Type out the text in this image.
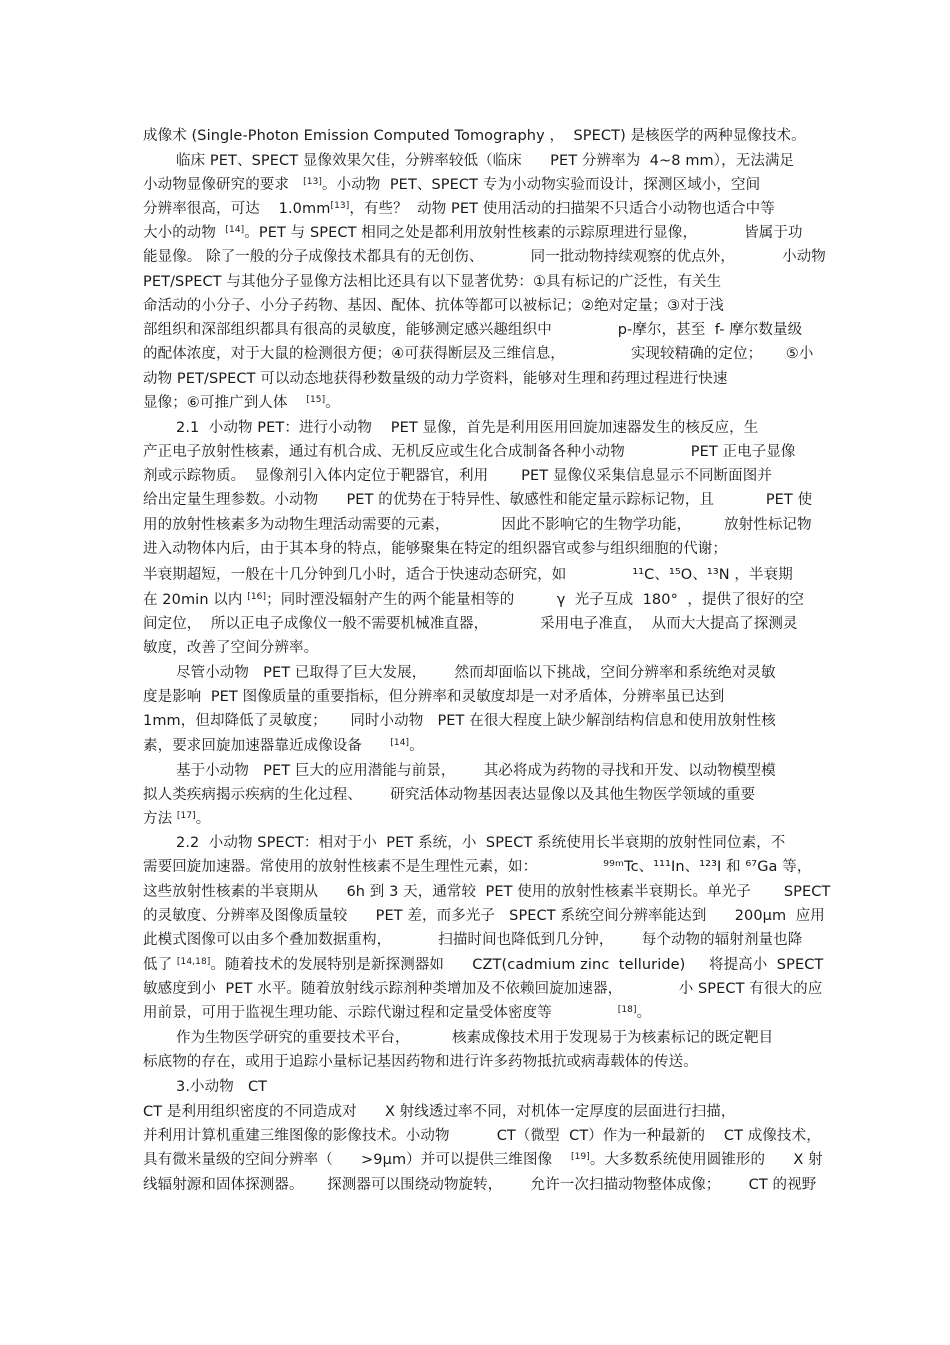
成像术 (Single-Photon Emission Computed Tomography ，  SPECT) 是核医学的两种显像技术。
临床 PET、SPECT 显像效果欠佳，分辨率较低（临床      PET 分辨率为  4~8 mm），无法满足
小动物显像研究的要求   [13]。小动物  PET、SPECT 专为小动物实验而设计，探测区域小，空间
分辨率很高，可达    1.0mm[13]，有些？  动物 PET 使用活动的扫描架不只适合小动物也适合中等
大小的动物  [14]。PET 与 SPECT 相同之处是都利用放射性核素的示踪原理进行显像，          皆属于功
能显像。 除了一般的分子成像技术都具有的无创伤、          同一批动物持续观察的优点外，          小动物
PET/SPECT 与其他分子显像方法相比还具有以下显著优势：①具有标记的广泛性，有关生
命活动的小分子、小分子药物、基因、配体、抗体等都可以被标记；②绝对定量；③对于浅
部组织和深部组织都具有很高的灵敏度，能够测定感兴趣组织中              p-摩尔，甚至  f- 摩尔数量级
的配体浓度，对于大鼠的检测很方便；④可获得断层及三维信息，              实现较精确的定位；     ⑤小
动物 PET/SPECT 可以动态地获得秒数量级的动力学资料，能够对生理和药理过程进行快速
显像；⑥可推广到人体    [15]。
2.1  小动物 PET：进行小动物    PET 显像，首先是利用医用回旋加速器发生的核反应，生
产正电子放射性核素，通过有机合成、无机反应或生化合成制备各种小动物              PET 正电子显像
剂或示踪物质。  显像剂引入体内定位于靶器官，利用       PET 显像仪采集信息显示不同断面图并
给出定量生理参数。小动物      PET 的优势在于特异性、敏感性和能定量示踪标记物，且           PET 使
用的放射性核素多为动物生理活动需要的元素，           因此不影响它的生物学功能，       放射性标记物
进入动物体内后，由于其本身的特点，能够聚集在特定的组织器官或参与组织细胞的代谢；
半衰期超短，一般在十几分钟到几小时，适合于快速动态研究，如              ¹¹C、¹⁵O、¹³N ，半衰期
在 20min 以内 [16]；同时湮没辐射产生的两个能量相等的         γ  光子互成  180°  ，提供了很好的空
间定位，  所以正电子成像仪一般不需要机械准直器，           采用电子准直，  从而大大提高了探测灵
敏度，改善了空间分辨率。
尽管小动物   PET 已取得了巨大发展，      然而却面临以下挑战，空间分辨率和系统绝对灵敏
度是影响  PET 图像质量的重要指标，但分辨率和灵敏度却是一对矛盾体，分辨率虽已达到
1mm，但却降低了灵敏度；     同时小动物   PET 在很大程度上缺少解剖结构信息和使用放射性核
素，要求回旋加速器靠近成像设备      [14]。
基于小动物   PET 巨大的应用潜能与前景，      其必将成为药物的寻找和开发、以动物模型模
拟人类疾病揭示疾病的生化过程、      研究活体动物基因表达显像以及其他生物医学领域的重要
方法 [17]。
2.2  小动物 SPECT：相对于小  PET 系统，小  SPECT 系统使用长半衰期的放射性同位素，不
需要回旋加速器。常使用的放射性核素不是生理性元素，如：              ⁹⁹ᵐTc、¹¹¹In、¹²³I 和 ⁶⁷Ga 等，
这些放射性核素的半衰期从      6h 到 3 天，通常较  PET 使用的放射性核素半衰期长。单光子       SPECT
的灵敏度、分辨率及图像质量较      PET 差，而多光子   SPECT 系统空间分辨率能达到      200μm  应用
此模式图像可以由多个叠加数据重构，          扫描时间也降低到几分钟，      每个动物的辐射剂量也降
低了 [14,18]。随着技术的发展特别是新探测器如      CZT(cadmium zinc  telluride)     将提高小  SPECT
敏感度到小  PET 水平。随着放射线示踪剂种类增加及不依赖回旋加速器，            小 SPECT 有很大的应
用前景，可用于监视生理功能、示踪代谢过程和定量受体密度等              [18]。
作为生物医学研究的重要技术平台，         核素成像技术用于发现易于为核素标记的既定靶目
标底物的存在，或用于追踪小量标记基因药物和进行许多药物抵抗或病毒载体的传送。
3.小动物   CT
CT 是利用组织密度的不同造成对      X 射线透过率不同，对机体一定厚度的层面进行扫描，
并利用计算机重建三维图像的影像技术。小动物          CT（微型  CT）作为一种最新的    CT 成像技术，
具有微米量级的空间分辨率（      >9μm）并可以提供三维图像    [19]。大多数系统使用圆锥形的      X 射
线辐射源和固体探测器。     探测器可以围绕动物旋转，      允许一次扫描动物整体成像；      CT 的视野
